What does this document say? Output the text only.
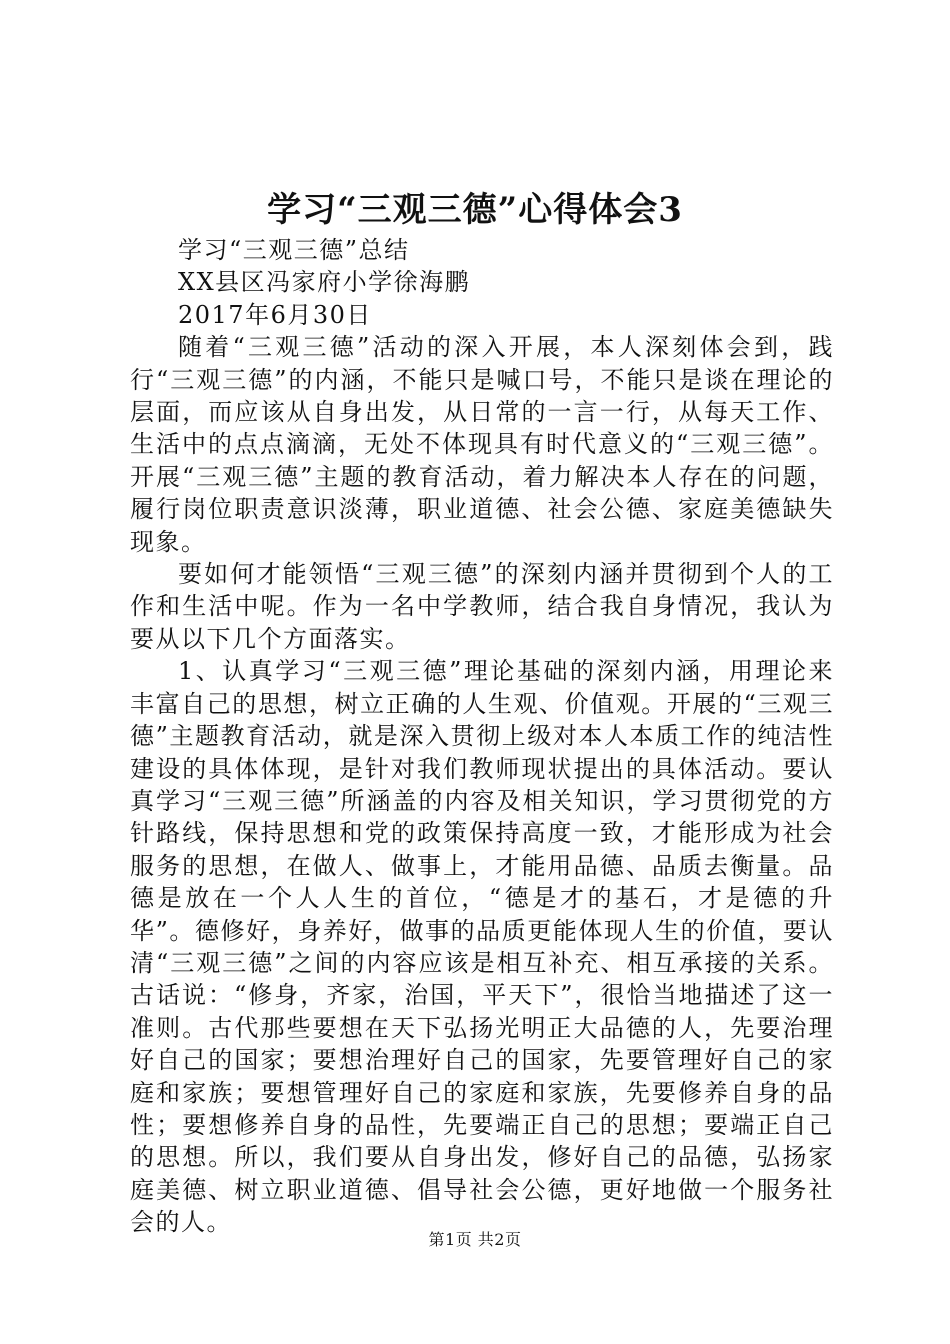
学习“三观三德”心得体会3

学习“三观三德”总结

XX县区冯家府小学徐海鹏

2017年6月30日

随着“三观三德”活动的深入开展，本人深刻体会到，践行“三观三德”的内涵，不能只是喊口号，不能只是谈在理论的层面，而应该从自身出发，从日常的一言一行，从每天工作、生活中的点点滴滴，无处不体现具有时代意义的“三观三德”。开展“三观三德”主题的教育活动，着力解决本人存在的问题，履行岗位职责意识淡薄，职业道德、社会公德、家庭美德缺失现象。

要如何才能领悟“三观三德”的深刻内涵并贯彻到个人的工作和生活中呢。作为一名中学教师，结合我自身情况，我认为要从以下几个方面落实。

1、认真学习“三观三德”理论基础的深刻内涵，用理论来丰富自己的思想，树立正确的人生观、价值观。开展的“三观三德”主题教育活动，就是深入贯彻上级对本人本质工作的纯洁性建设的具体体现，是针对我们教师现状提出的具体活动。要认真学习“三观三德”所涵盖的内容及相关知识，学习贯彻党的方针路线，保持思想和党的政策保持高度一致，才能形成为社会服务的思想，在做人、做事上，才能用品德、品质去衡量。品德是放在一个人人生的首位，“德是才的基石，才是德的升华”。德修好，身养好，做事的品质更能体现人生的价值，要认清“三观三德”之间的内容应该是相互补充、相互承接的关系。古话说：“修身，齐家，治国，平天下”，很恰当地描述了这一准则。古代那些要想在天下弘扬光明正大品德的人，先要治理好自己的国家；要想治理好自己的国家，先要管理好自己的家庭和家族；要想管理好自己的家庭和家族，先要修养自身的品性；要想修养自身的品性，先要端正自己的思想；要端正自己的思想。所以，我们要从自身出发，修好自己的品德，弘扬家庭美德、树立职业道德、倡导社会公德，更好地做一个服务社会的人。

第1页 共2页
